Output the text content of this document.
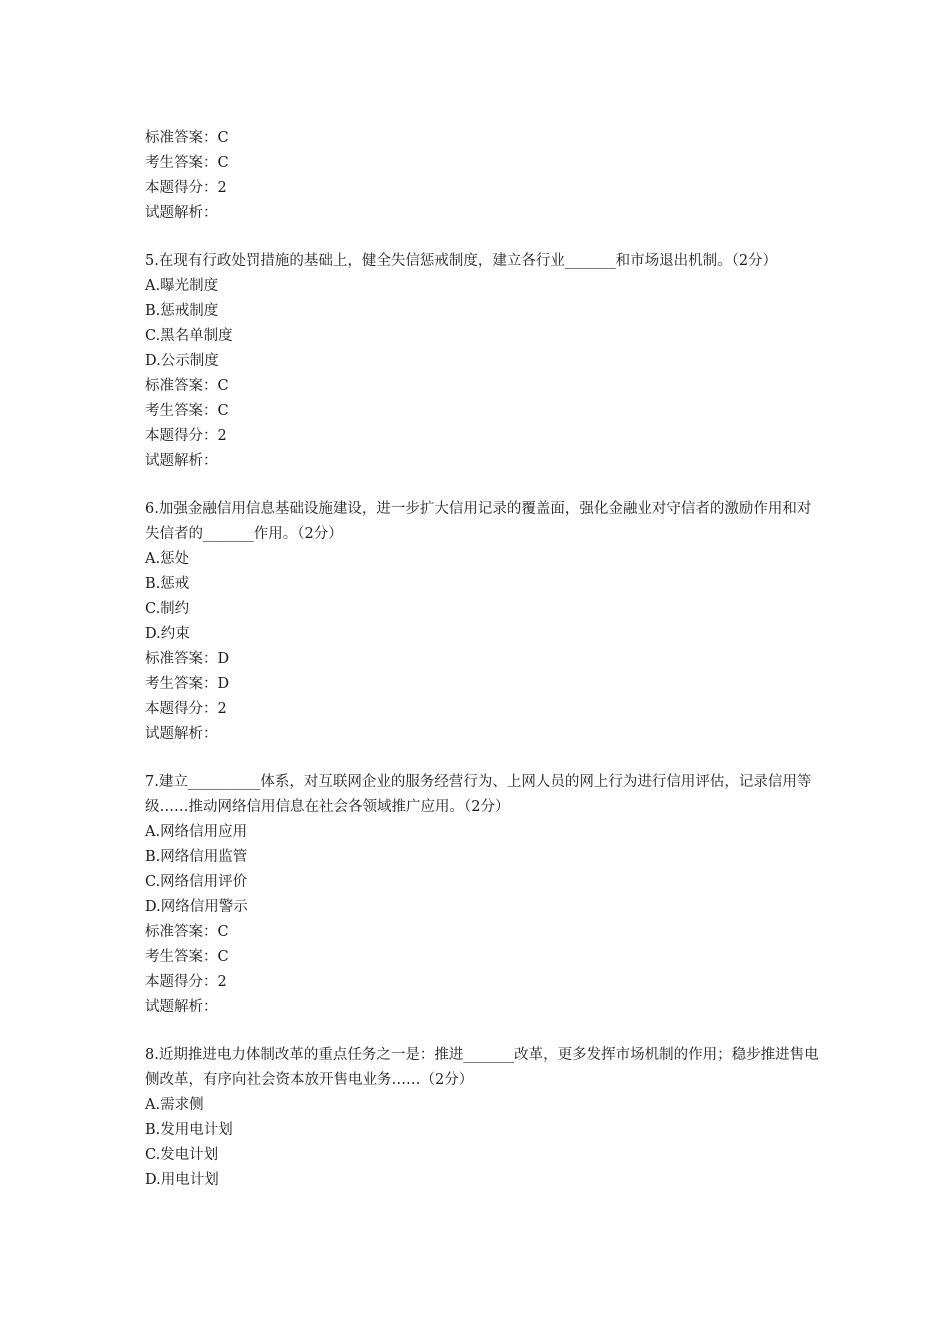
标准答案：C
考生答案：C
本题得分：2
试题解析：
5.在现有行政处罚措施的基础上，健全失信惩戒制度，建立各行业_______和市场退出机制。（2分）
A.曝光制度
B.惩戒制度
C.黑名单制度
D.公示制度
标准答案：C
考生答案：C
本题得分：2
试题解析：
6.加强金融信用信息基础设施建设，进一步扩大信用记录的覆盖面，强化金融业对守信者的激励作用和对失信者的_______作用。（2分）
A.惩处
B.惩戒
C.制约
D.约束
标准答案：D
考生答案：D
本题得分：2
试题解析：
7.建立__________体系，对互联网企业的服务经营行为、上网人员的网上行为进行信用评估，记录信用等级……推动网络信用信息在社会各领域推广应用。（2分）
A.网络信用应用
B.网络信用监管
C.网络信用评价
D.网络信用警示
标准答案：C
考生答案：C
本题得分：2
试题解析：
8.近期推进电力体制改革的重点任务之一是：推进_______改革，更多发挥市场机制的作用；稳步推进售电侧改革，有序向社会资本放开售电业务……（2分）
A.需求侧
B.发用电计划
C.发电计划
D.用电计划
